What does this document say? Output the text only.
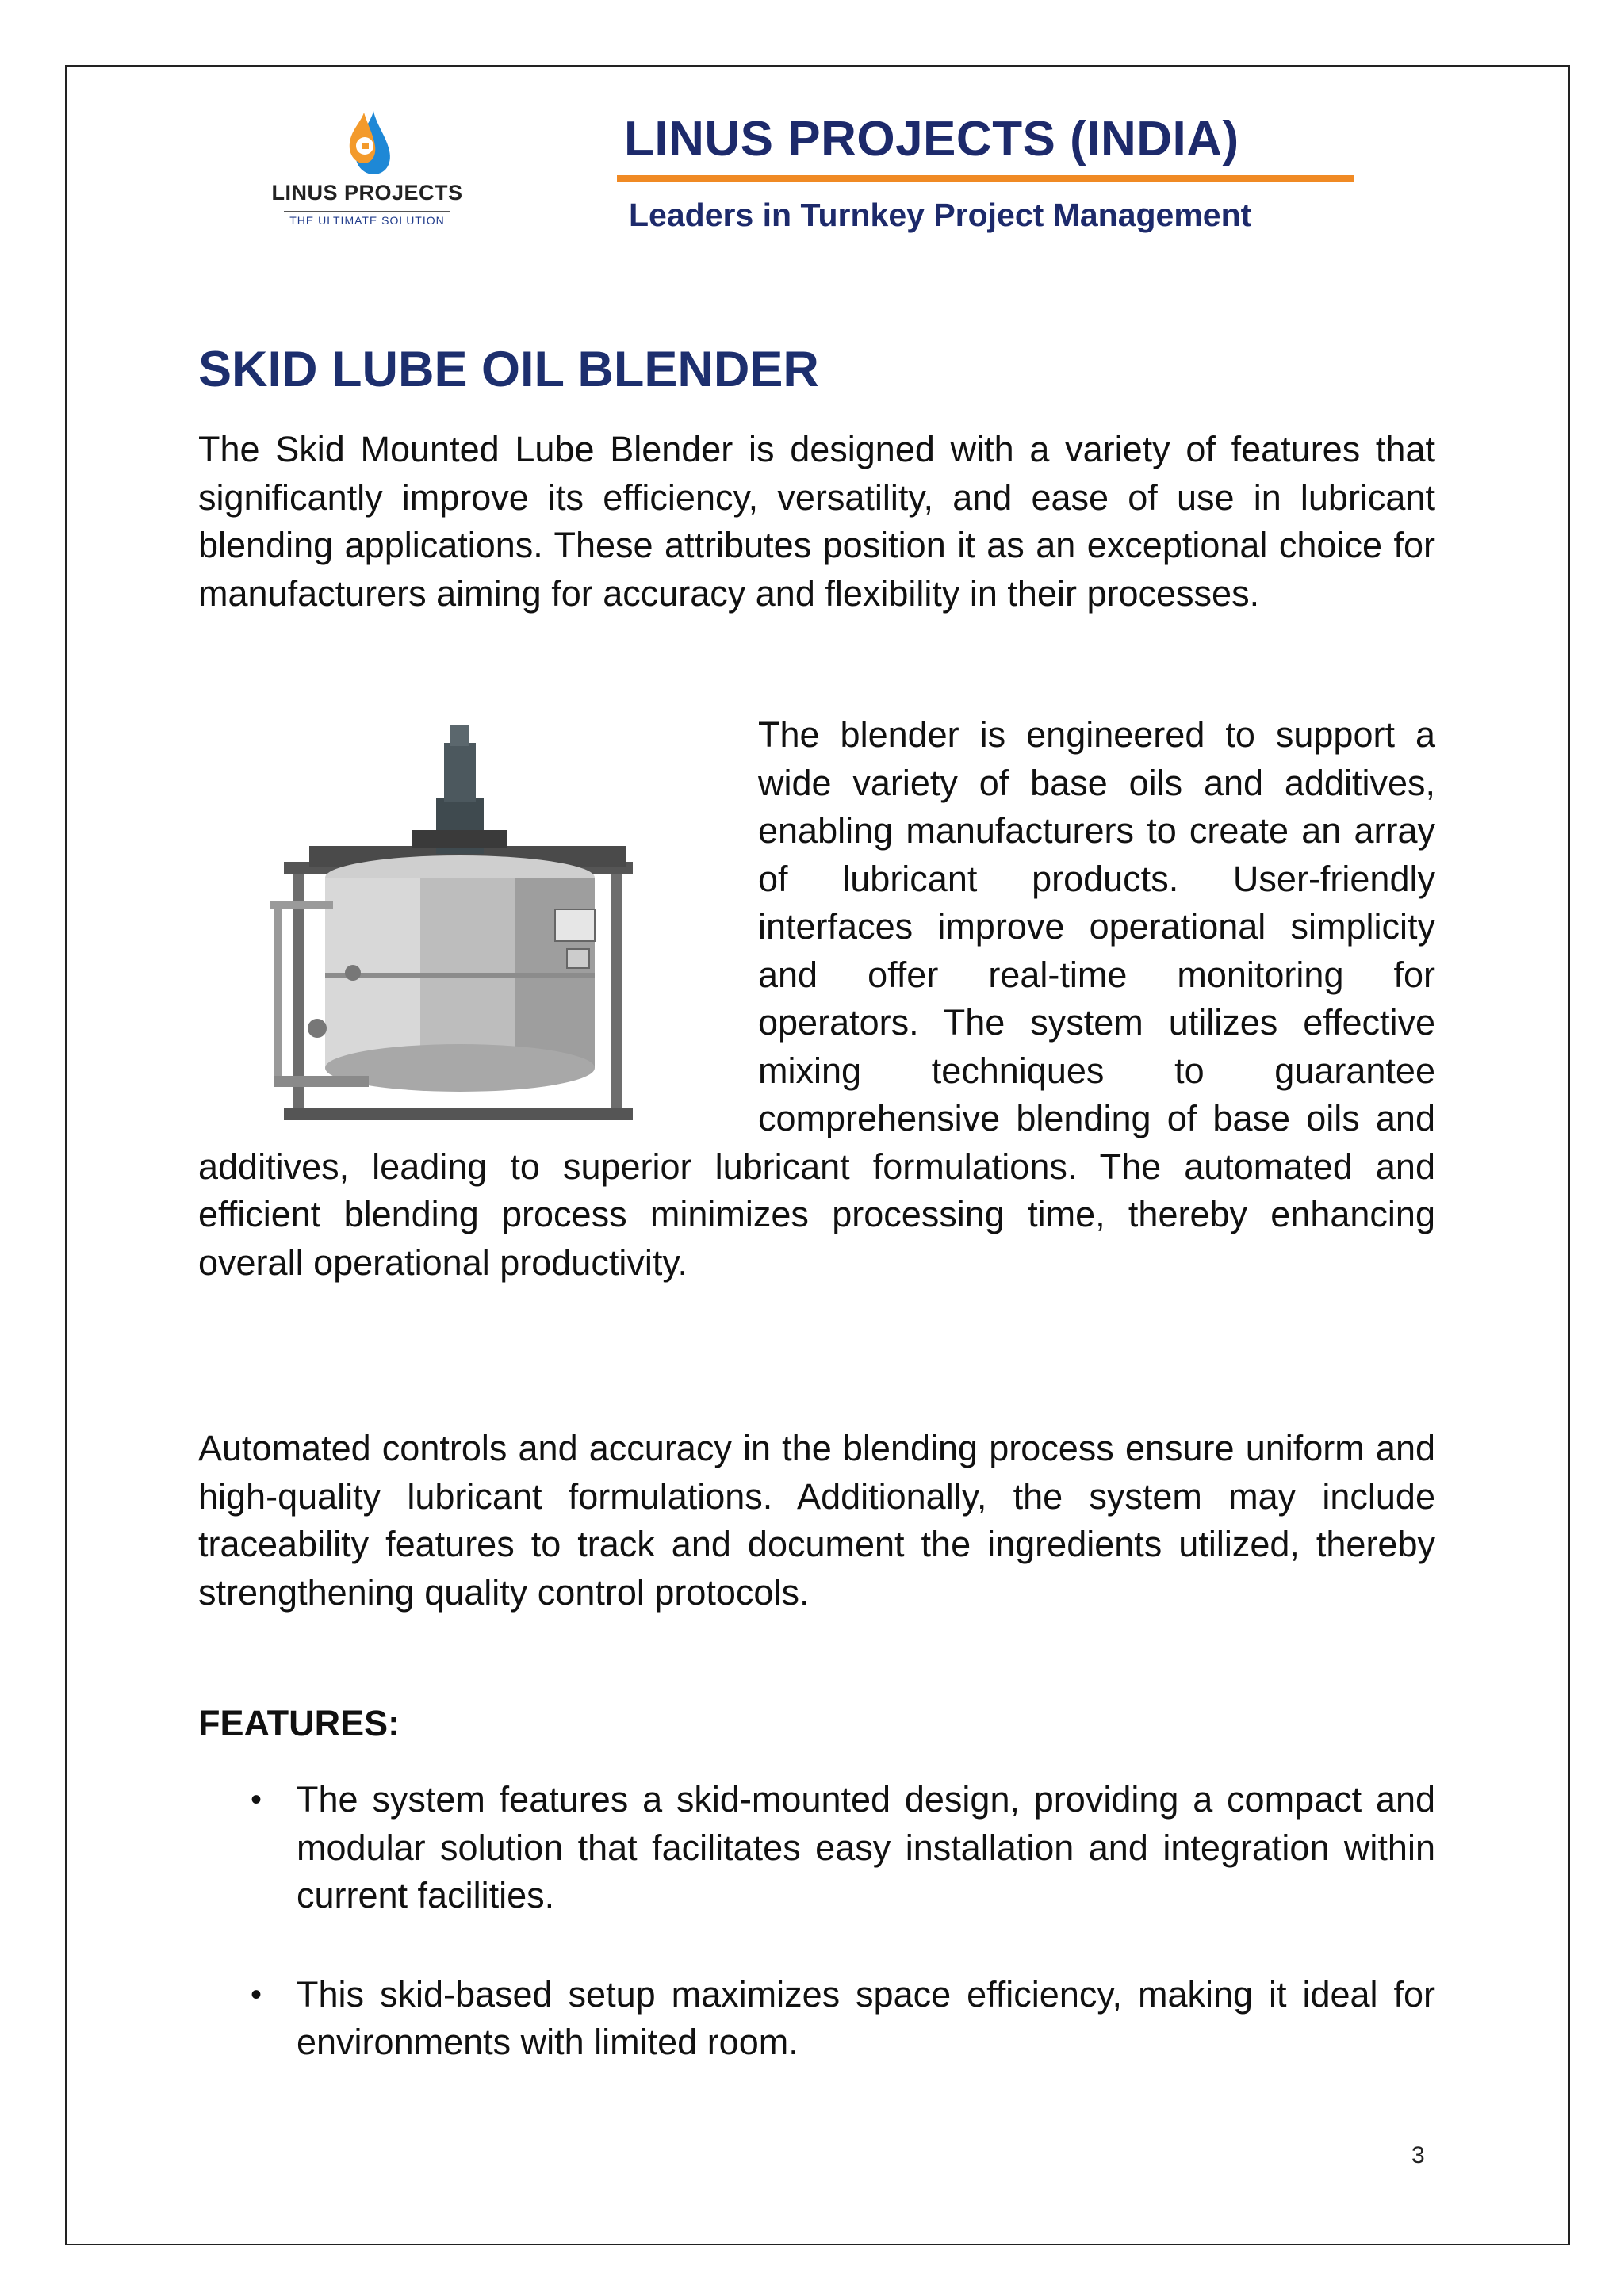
LINUS PROJECTS
THE ULTIMATE SOLUTION
LINUS PROJECTS (INDIA)
Leaders in Turnkey Project Management
SKID LUBE OIL BLENDER

The Skid Mounted Lube Blender is designed with a variety of features that significantly improve its efficiency, versatility, and ease of use in lubricant blending applications. These attributes position it as an exceptional choice for manufacturers aiming for accuracy and flexibility in their processes.

The blender is engineered to support a wide variety of base oils and additives, enabling manufacturers to create an array of lubricant products. User-friendly interfaces improve operational simplicity and offer real-time monitoring for operators. The system utilizes effective mixing techniques to guarantee comprehensive blending of base oils and additives, leading to superior lubricant formulations. The automated and efficient blending process minimizes processing time, thereby enhancing overall operational productivity.

Automated controls and accuracy in the blending process ensure uniform and high-quality lubricant formulations. Additionally, the system may include traceability features to track and document the ingredients utilized, thereby strengthening quality control protocols.

FEATURES:
• The system features a skid-mounted design, providing a compact and modular solution that facilitates easy installation and integration within current facilities.
• This skid-based setup maximizes space efficiency, making it ideal for environments with limited room.
3
